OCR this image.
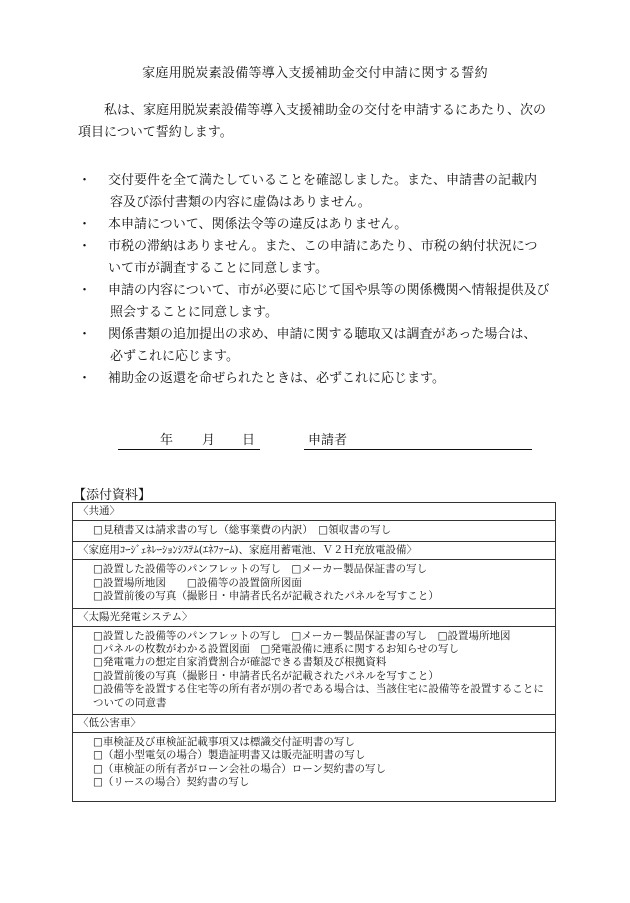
家庭用脱炭素設備等導入支援補助金交付申請に関する誓約
私は、家庭用脱炭素設備等導入支援補助金の交付を申請するにあたり、次の
項目について誓約します。
・ 交付要件を全て満たしていることを確認しました。また、申請書の記載内
容及び添付書類の内容に虚偽はありません。
・ 本申請について、関係法令等の違反はありません。
・ 市税の滞納はありません。また、この申請にあたり、市税の納付状況につ
いて市が調査することに同意します。
・ 申請の内容について、市が必要に応じて国や県等の関係機関へ情報提供及び
照会することに同意します。
・ 関係書類の追加提出の求め、申請に関する聴取又は調査があった場合は、
必ずこれに応じます。
・ 補助金の返還を命ぜられたときは、必ずこれに応じます。
年 月 日	申請者
【添付資料】
〈共通〉
□見積書又は請求書の写し（総事業費の内訳）　□領収書の写し
〈家庭用ｺｰｼﾞｪﾈﾚｰｼｮﾝｼｽﾃﾑ(ｴﾈﾌｧｰﾑ)、家庭用蓄電池、Ｖ２Ｈ充放電設備〉
□設置した設備等のパンフレットの写し　□メーカー製品保証書の写し
□設置場所地図　　□設備等の設置箇所図面
□設置前後の写真（撮影日・申請者氏名が記載されたパネルを写すこと）
〈太陽光発電システム〉
□設置した設備等のパンフレットの写し　□メーカー製品保証書の写し　□設置場所地図
□パネルの枚数がわかる設置図面　□発電設備に連系に関するお知らせの写し
□発電電力の想定自家消費割合が確認できる書類及び根拠資料
□設置前後の写真（撮影日・申請者氏名が記載されたパネルを写すこと）
□設備等を設置する住宅等の所有者が別の者である場合は、当該住宅に設備等を設置することについての同意書
〈低公害車〉
□車検証及び車検証記載事項又は標識交付証明書の写し
□（超小型電気の場合）製造証明書又は販売証明書の写し
□（車検証の所有者がローン会社の場合）ローン契約書の写し
□（リースの場合）契約書の写し
